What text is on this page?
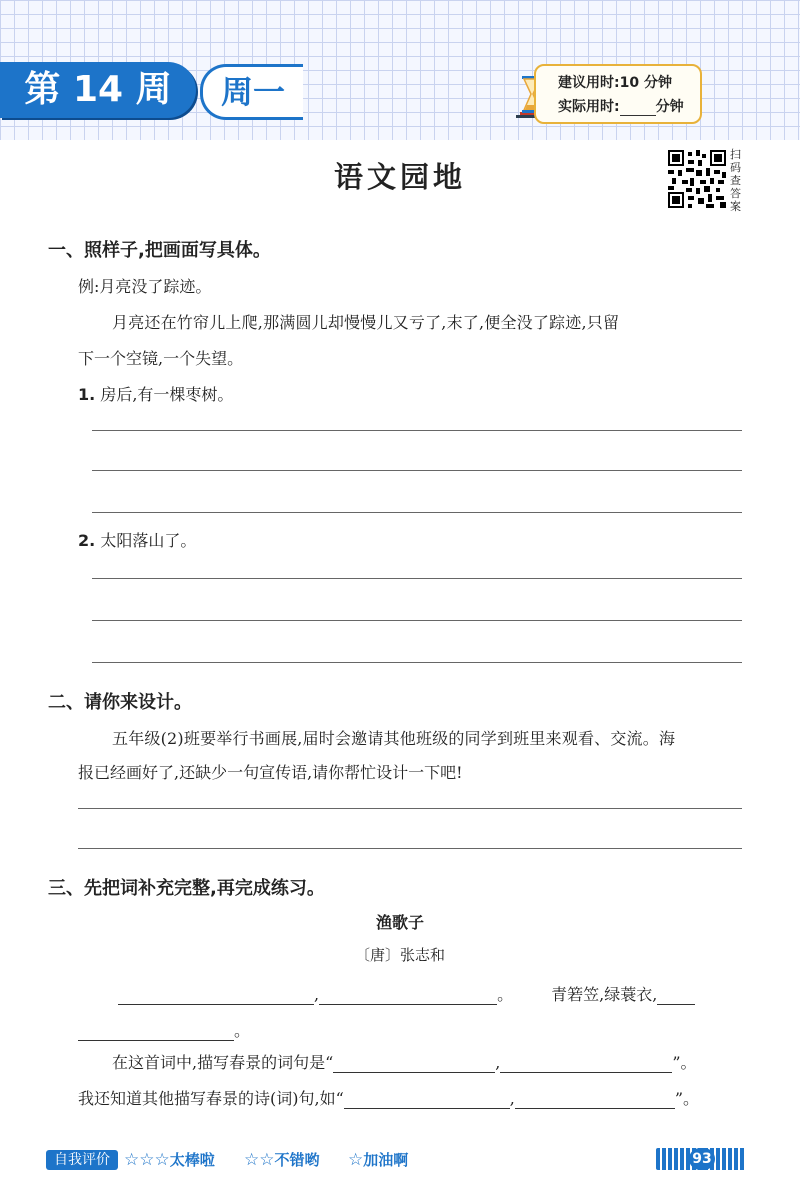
第 14 周	周一	建议用时:10 分钟
实际用时:	分钟
语文园地
扫码查答案
一、照样子,把画面写具体。
例:月亮没了踪迹。
月亮还在竹帘儿上爬,那满圆儿却慢慢儿又亏了,末了,便全没了踪迹,只留
下一个空镜,一个失望。
1. 房后,有一棵枣树。
2. 太阳落山了。
二、请你来设计。
五年级(2)班要举行书画展,届时会邀请其他班级的同学到班里来观看、交流。海
报已经画好了,还缺少一句宣传语,请你帮忙设计一下吧!
三、先把词补充完整,再完成练习。
渔歌子
〔唐〕张志和
,	。 青箬笠,绿蓑衣,
。
在这首词中,描写春景的词句是“	,	”。
我还知道其他描写春景的诗(词)句,如“	,	”。
自我评价 ☆☆☆太棒啦 ☆☆不错哟 ☆加油啊	93
